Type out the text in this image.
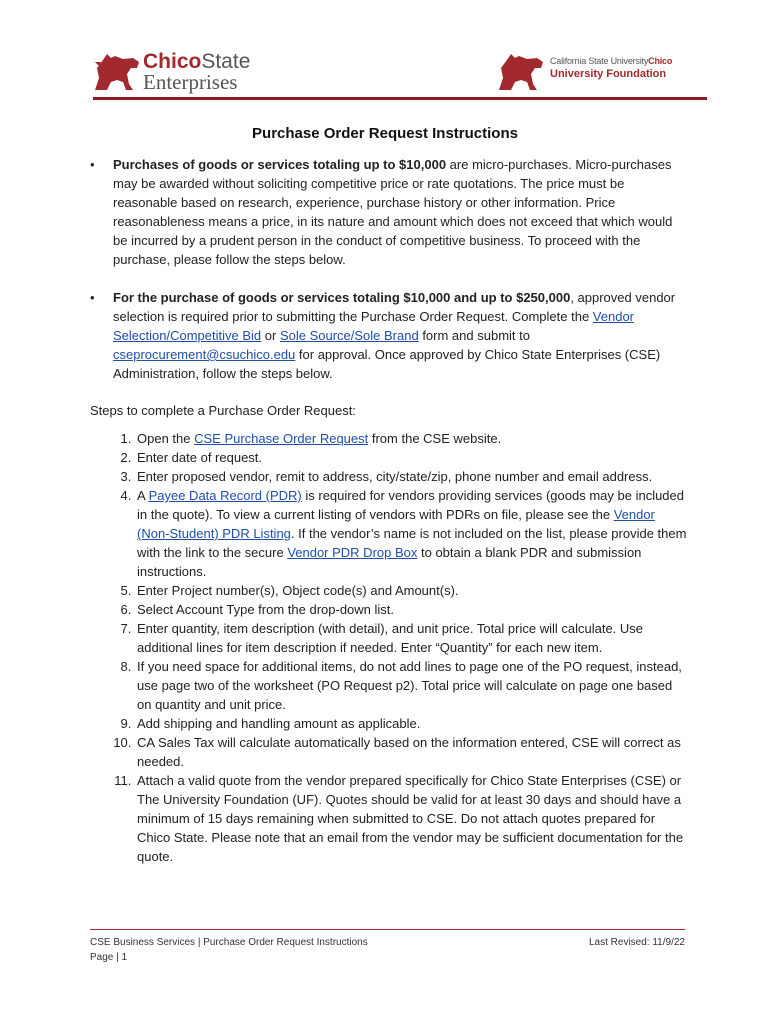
ChicoState
Enterprises
California State UniversityChico
University Foundation
Purchase Order Request Instructions

• Purchases of goods or services totaling up to $10,000 are micro-purchases. Micro-purchases may be awarded without soliciting competitive price or rate quotations. The price must be reasonable based on research, experience, purchase history or other information. Price reasonableness means a price, in its nature and amount which does not exceed that which would be incurred by a prudent person in the conduct of competitive business. To proceed with the purchase, please follow the steps below.

• For the purchase of goods or services totaling $10,000 and up to $250,000, approved vendor selection is required prior to submitting the Purchase Order Request. Complete the Vendor Selection/Competitive Bid or Sole Source/Sole Brand form and submit to cseprocurement@csuchico.edu for approval. Once approved by Chico State Enterprises (CSE) Administration, follow the steps below.

Steps to complete a Purchase Order Request:
1. Open the CSE Purchase Order Request from the CSE website.
2. Enter date of request.
3. Enter proposed vendor, remit to address, city/state/zip, phone number and email address.
4. A Payee Data Record (PDR) is required for vendors providing services (goods may be included in the quote). To view a current listing of vendors with PDRs on file, please see the Vendor (Non-Student) PDR Listing. If the vendor’s name is not included on the list, please provide them with the link to the secure Vendor PDR Drop Box to obtain a blank PDR and submission instructions.
5. Enter Project number(s), Object code(s) and Amount(s).
6. Select Account Type from the drop-down list.
7. Enter quantity, item description (with detail), and unit price. Total price will calculate. Use additional lines for item description if needed. Enter “Quantity” for each new item.
8. If you need space for additional items, do not add lines to page one of the PO request, instead, use page two of the worksheet (PO Request p2). Total price will calculate on page one based on quantity and unit price.
9. Add shipping and handling amount as applicable.
10. CA Sales Tax will calculate automatically based on the information entered, CSE will correct as needed.
11. Attach a valid quote from the vendor prepared specifically for Chico State Enterprises (CSE) or The University Foundation (UF). Quotes should be valid for at least 30 days and should have a minimum of 15 days remaining when submitted to CSE. Do not attach quotes prepared for Chico State. Please note that an email from the vendor may be sufficient documentation for the quote.
CSE Business Services | Purchase Order Request Instructions
Page | 1
Last Revised: 11/9/22
